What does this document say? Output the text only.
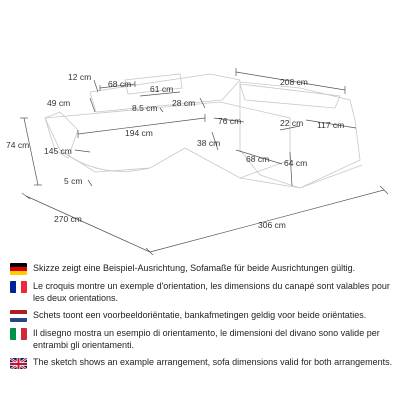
12 cm
68 cm 61 cm
208 cm
49 cm	8.5 cm 28 cm
74 cm
194 cm
76 cm	22 cm 117 cm
145 cm
38 cm
68 cm 64 cm
5 cm
270 cm
306 cm
Skizze zeigt eine Beispiel-Ausrichtung, Sofamaße für beide Ausrichtungen gültig.
Le croquis montre un exemple d'orientation, les dimensions du canapé sont valables pour les deux orientations.
Schets toont een voorbeeldoriëntatie, bankafmetingen geldig voor beide oriëntaties.
Il disegno mostra un esempio di orientamento, le dimensioni del divano sono valide per entrambi gli orientamenti.
The sketch shows an example arrangement, sofa dimensions valid for both arrangements.
